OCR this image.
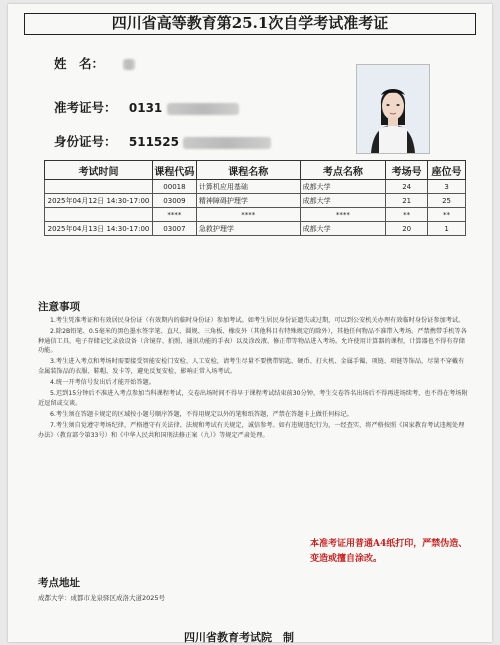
四川省高等教育第25.1次自学考试准考证
姓　名：
准考证号： 0131
身份证号： 511525
考试时间	课程代码	课程名称	考点名称	考场号	座位号
	00018	计算机应用基础	成都大学	24	3
2025年04月12日 14:30-17:00	03009	精神障碍护理学	成都大学	21	25
	****	****	****	**	**
2025年04月13日 14:30-17:00	03007	急救护理学	成都大学	20	1
注意事项

1.考生凭准考证和有效居民身份证（有效期内的临时身份证）参加考试。如考生居民身份证遗失或过期，可以到公安机关办理有效临时身份证参加考试。

2.除2B铅笔、0.5毫米的黑色墨水签字笔、直尺、圆规、三角板、橡皮外（其他科目有特殊规定的除外），其他任何物品不准带入考场。严禁携带手机等各种通信工具、电子存储记忆录放设备（含镜存、拍照、通讯功能的手表）以及涂改液、修正带等物品进入考场。允许使用计算器的课程，计算器也不得有存储功能。

3.考生进入考点和考场时需要接受智能安检门安检、人工安检，请考生尽量不要携带钥匙、硬币、打火机、金属手镯、项链、项链等饰品，尽量不穿戴有金属装饰品的衣服、鞋帽、发卡等，避免反复安检，影响正常入场考试。

4.统一开考信号发出后才能开始答题。

5.迟到15分钟后不准进入考点参加当科课程考试，交卷出场时间不得早于课程考试结束前30分钟，考生交卷答名出场后不得再进场续考，也不得在考场附近逗留或交谈。

6.考生须在答题卡规定的区域按小题号顺序答题，不得用规定以外的笔和纸答题，严禁在答题卡上做任何标记。

7.考生须自觉遵守考场纪律，严格遵守有关法律、法规和考试有关规定，诚信参考。如有违规违纪行为，一经查实，将严格按照《国家教育考试违规处理办法》（教育部令第33号）和《中华人民共和国刑法修正案（九）》等规定严肃处理。

本准考证用普通A4纸打印，严禁伪造、变造或擅自涂改。
考点地址
成都大学：成都市龙泉驿区成洛大道2025号
四川省教育考试院　制
